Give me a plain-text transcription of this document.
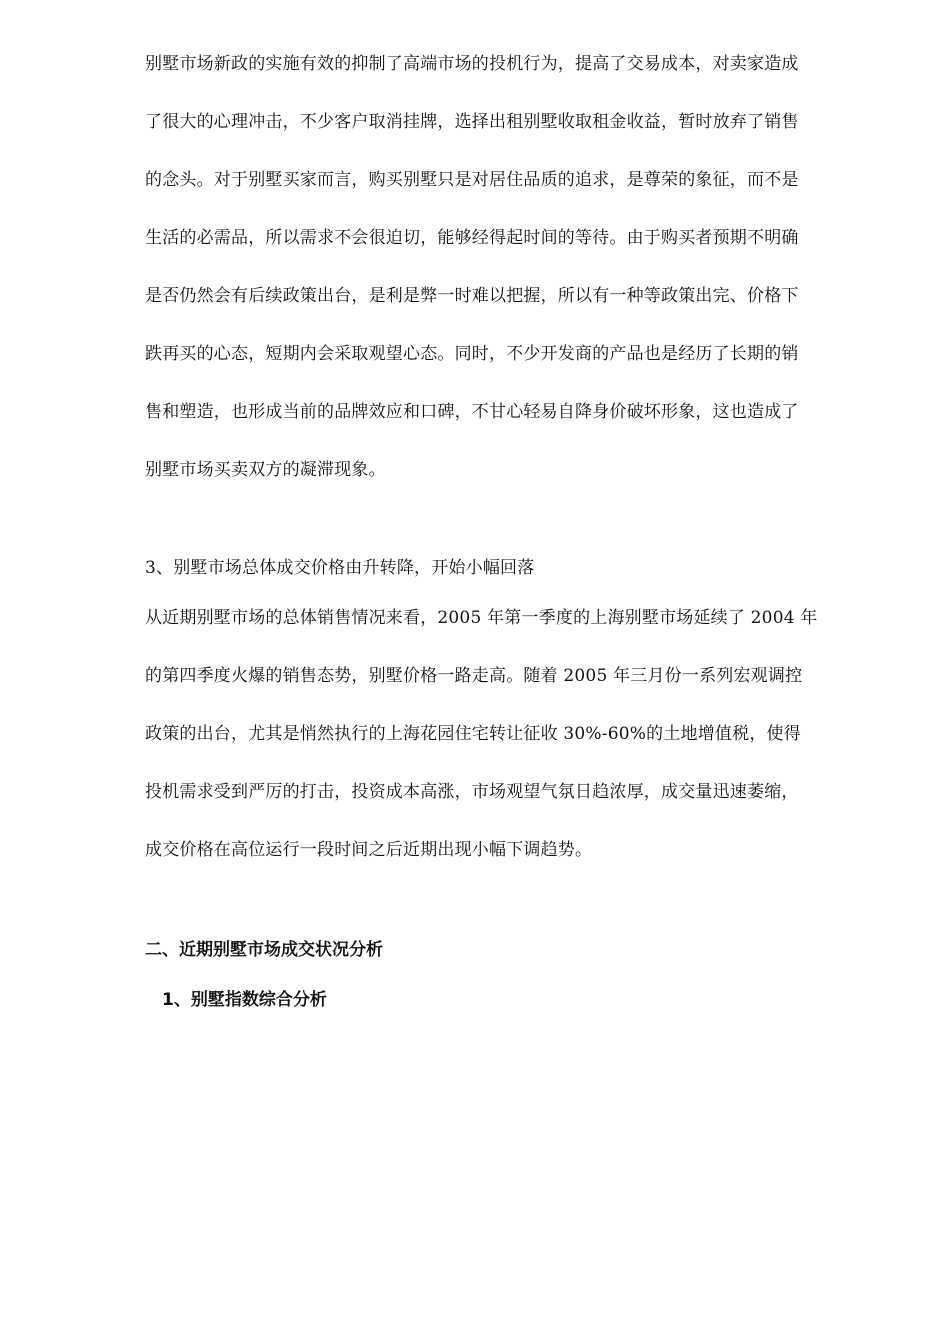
别墅市场新政的实施有效的抑制了高端市场的投机行为，提高了交易成本，对卖家造成
了很大的心理冲击，不少客户取消挂牌，选择出租别墅收取租金收益，暂时放弃了销售
的念头。对于别墅买家而言，购买别墅只是对居住品质的追求，是尊荣的象征，而不是
生活的必需品，所以需求不会很迫切，能够经得起时间的等待。由于购买者预期不明确
是否仍然会有后续政策出台，是利是弊一时难以把握，所以有一种等政策出完、价格下
跌再买的心态，短期内会采取观望心态。同时，不少开发商的产品也是经历了长期的销
售和塑造，也形成当前的品牌效应和口碑，不甘心轻易自降身价破坏形象，这也造成了
别墅市场买卖双方的凝滞现象。
3、别墅市场总体成交价格由升转降，开始小幅回落
从近期别墅市场的总体销售情况来看，2005 年第一季度的上海别墅市场延续了 2004 年
的第四季度火爆的销售态势，别墅价格一路走高。随着 2005 年三月份一系列宏观调控
政策的出台，尤其是悄然执行的上海花园住宅转让征收 30%-60%的土地增值税，使得
投机需求受到严厉的打击，投资成本高涨，市场观望气氛日趋浓厚，成交量迅速萎缩，
成交价格在高位运行一段时间之后近期出现小幅下调趋势。
二、近期别墅市场成交状况分析
1、别墅指数综合分析
